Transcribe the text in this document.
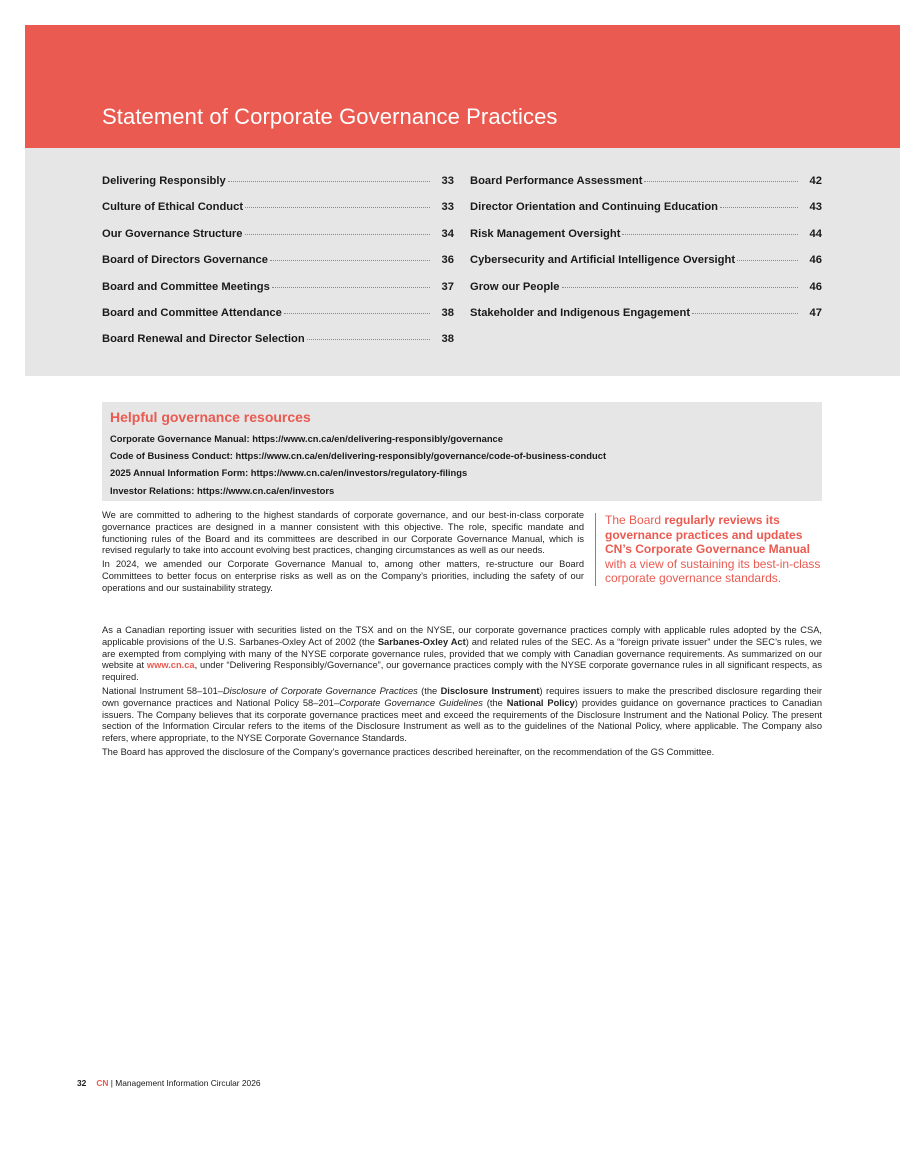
Statement of Corporate Governance Practices
Delivering Responsibly	33
Culture of Ethical Conduct	33
Our Governance Structure	34
Board of Directors Governance	36
Board and Committee Meetings	37
Board and Committee Attendance	38
Board Renewal and Director Selection	38
Board Performance Assessment	42
Director Orientation and Continuing Education	43
Risk Management Oversight	44
Cybersecurity and Artificial Intelligence Oversight	46
Grow our People	46
Stakeholder and Indigenous Engagement	47
Helpful governance resources
Corporate Governance Manual: https://www.cn.ca/en/delivering-responsibly/governance
Code of Business Conduct: https://www.cn.ca/en/delivering-responsibly/governance/code-of-business-conduct
2025 Annual Information Form: https://www.cn.ca/en/investors/regulatory-filings
Investor Relations: https://www.cn.ca/en/investors

We are committed to adhering to the highest standards of corporate governance, and our best-in-class corporate governance practices are designed in a manner consistent with this objective. The role, specific mandate and functioning rules of the Board and its committees are described in our Corporate Governance Manual, which is revised regularly to take into account evolving best practices, changing circumstances as well as our needs.

In 2024, we amended our Corporate Governance Manual to, among other matters, re-structure our Board Committees to better focus on enterprise risks as well as on the Company’s priorities, including the safety of our operations and our sustainability strategy.

The Board regularly reviews its governance practices and updates CN’s Corporate Governance Manual with a view of sustaining its best-in-class corporate governance standards.

As a Canadian reporting issuer with securities listed on the TSX and on the NYSE, our corporate governance practices comply with applicable rules adopted by the CSA, applicable provisions of the U.S. Sarbanes-Oxley Act of 2002 (the Sarbanes-Oxley Act) and related rules of the SEC. As a “foreign private issuer” under the SEC’s rules, we are exempted from complying with many of the NYSE corporate governance rules, provided that we comply with Canadian governance requirements. As summarized on our website at www.cn.ca, under “Delivering Responsibly/Governance”, our governance practices comply with the NYSE corporate governance rules in all significant respects, as required.

National Instrument 58–101–Disclosure of Corporate Governance Practices (the Disclosure Instrument) requires issuers to make the prescribed disclosure regarding their own governance practices and National Policy 58–201–Corporate Governance Guidelines (the National Policy) provides guidance on governance practices to Canadian issuers. The Company believes that its corporate governance practices meet and exceed the requirements of the Disclosure Instrument and the National Policy. The present section of the Information Circular refers to the items of the Disclosure Instrument as well as to the guidelines of the National Policy, where applicable. The Company also refers, where appropriate, to the NYSE Corporate Governance Standards.

The Board has approved the disclosure of the Company’s governance practices described hereinafter, on the recommendation of the GS Committee.

32 CN | Management Information Circular 2026
